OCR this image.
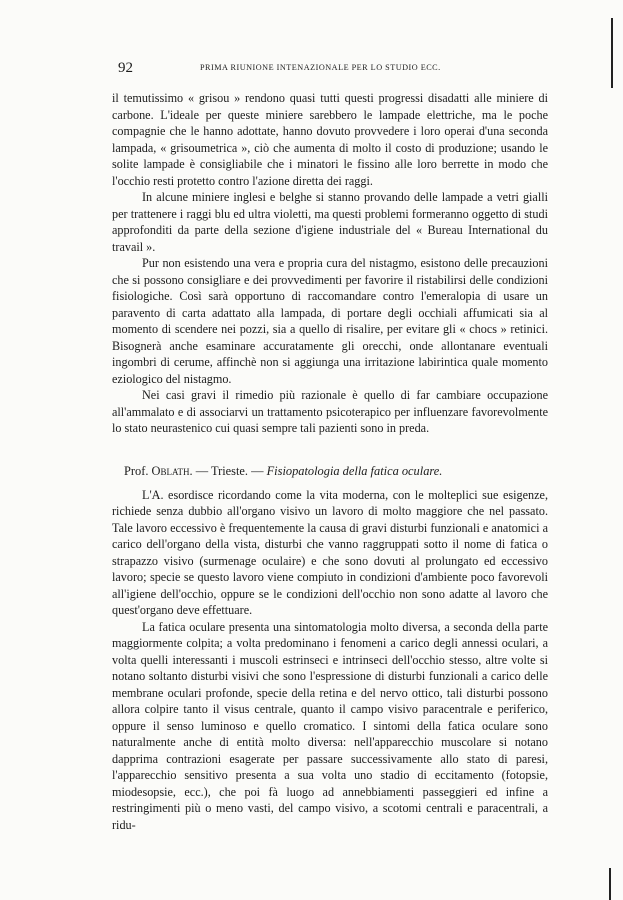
92	PRIMA RIUNIONE INTENAZIONALE PER LO STUDIO ECC.

il temutissimo « grisou » rendono quasi tutti questi progressi disadatti alle miniere di carbone. L'ideale per queste miniere sarebbero le lampade elettriche, ma le poche compagnie che le hanno adottate, hanno dovuto provvedere i loro operai d'una seconda lampada, « grisoumetrica », ciò che aumenta di molto il costo di produzione; usando le solite lampade è consigliabile che i minatori le fissino alle loro berrette in modo che l'occhio resti protetto contro l'azione diretta dei raggi.

In alcune miniere inglesi e belghe si stanno provando delle lampade a vetri gialli per trattenere i raggi blu ed ultra violetti, ma questi problemi formeranno oggetto di studi approfonditi da parte della sezione d'igiene industriale del « Bureau International du travail ».

Pur non esistendo una vera e propria cura del nistagmo, esistono delle precauzioni che si possono consigliare e dei provvedimenti per favorire il ristabilirsi delle condizioni fisiologiche. Così sarà opportuno di raccomandare contro l'emeralopia di usare un paravento di carta adattato alla lampada, di portare degli occhiali affumicati sia al momento di scendere nei pozzi, sia a quello di risalire, per evitare gli « chocs » retinici. Bisognerà anche esaminare accuratamente gli orecchi, onde allontanare eventuali ingombri di cerume, affinchè non si aggiunga una irritazione labirintica quale momento eziologico del nistagmo.

Nei casi gravi il rimedio più razionale è quello di far cambiare occupazione all'ammalato e di associarvi un trattamento psicoterapico per influenzare favorevolmente lo stato neurastenico cui quasi sempre tali pazienti sono in preda.

Prof. Oblath. — Trieste. — Fisiopatologia della fatica oculare.

L'A. esordisce ricordando come la vita moderna, con le molteplici sue esigenze, richiede senza dubbio all'organo visivo un lavoro di molto maggiore che nel passato. Tale lavoro eccessivo è frequentemente la causa di gravi disturbi funzionali e anatomici a carico dell'organo della vista, disturbi che vanno raggruppati sotto il nome di fatica o strapazzo visivo (surmenage oculaire) e che sono dovuti al prolungato ed eccessivo lavoro; specie se questo lavoro viene compiuto in condizioni d'ambiente poco favorevoli all'igiene dell'occhio, oppure se le condizioni dell'occhio non sono adatte al lavoro che quest'organo deve effettuare.

La fatica oculare presenta una sintomatologia molto diversa, a seconda della parte maggiormente colpita; a volta predominano i fenomeni a carico degli annessi oculari, a volta quelli interessanti i muscoli estrinseci e intrinseci dell'occhio stesso, altre volte si notano soltanto disturbi visivi che sono l'espressione di disturbi funzionali a carico delle membrane oculari profonde, specie della retina e del nervo ottico, tali disturbi possono allora colpire tanto il visus centrale, quanto il campo visivo paracentrale e periferico, oppure il senso luminoso e quello cromatico. I sintomi della fatica oculare sono naturalmente anche di entità molto diversa: nell'apparecchio muscolare si notano dapprima contrazioni esagerate per passare successivamente allo stato di paresi, l'apparecchio sensitivo presenta a sua volta uno stadio di eccitamento (fotopsie, miodesopsie, ecc.), che poi fà luogo ad annebbiamenti passeggieri ed infine a restringimenti più o meno vasti, del campo visivo, a scotomi centrali e paracentrali, a ridu-
